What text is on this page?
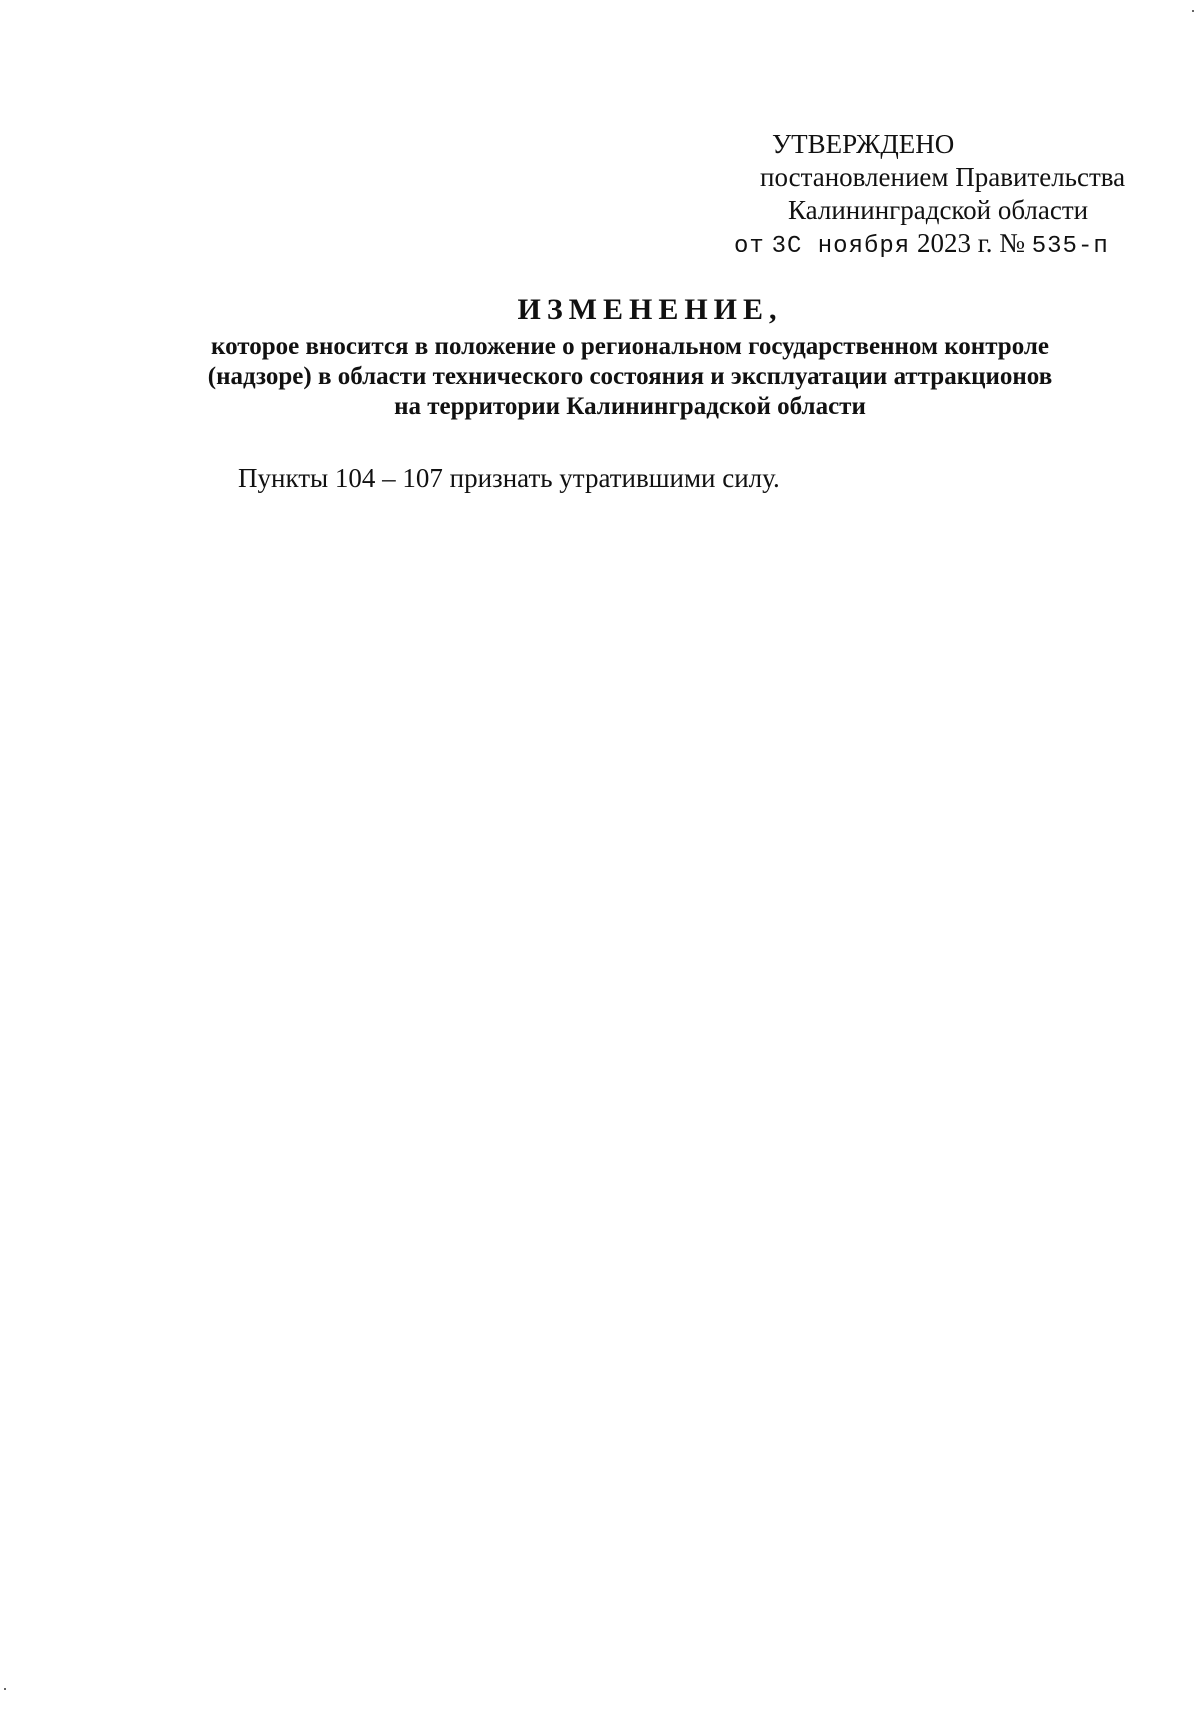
УТВЕРЖДЕНО
постановлением Правительства
Калининградской области
от 3С ноября 2023 г. № 535-п
ИЗМЕНЕНИЕ,
которое вносится в положение о региональном государственном контроле
(надзоре) в области технического состояния и эксплуатации аттракционов
на территории Калининградской области
Пункты 104 – 107 признать утратившими силу.
